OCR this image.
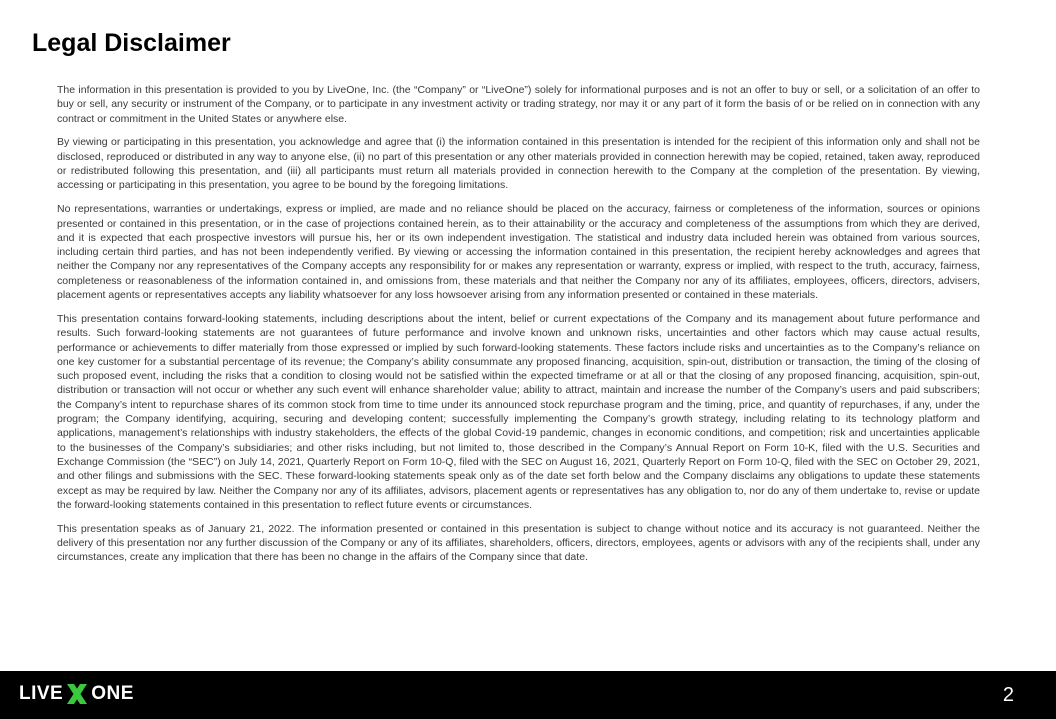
Legal Disclaimer

The information in this presentation is provided to you by LiveOne, Inc. (the “Company” or “LiveOne”) solely for informational purposes and is not an offer to buy or sell, or a solicitation of an offer to buy or sell, any security or instrument of the Company, or to participate in any investment activity or trading strategy, nor may it or any part of it form the basis of or be relied on in connection with any contract or commitment in the United States or anywhere else.

By viewing or participating in this presentation, you acknowledge and agree that (i) the information contained in this presentation is intended for the recipient of this information only and shall not be disclosed, reproduced or distributed in any way to anyone else, (ii) no part of this presentation or any other materials provided in connection herewith may be copied, retained, taken away, reproduced or redistributed following this presentation, and (iii) all participants must return all materials provided in connection herewith to the Company at the completion of the presentation. By viewing, accessing or participating in this presentation, you agree to be bound by the foregoing limitations.

No representations, warranties or undertakings, express or implied, are made and no reliance should be placed on the accuracy, fairness or completeness of the information, sources or opinions presented or contained in this presentation, or in the case of projections contained herein, as to their attainability or the accuracy and completeness of the assumptions from which they are derived, and it is expected that each prospective investors will pursue his, her or its own independent investigation. The statistical and industry data included herein was obtained from various sources, including certain third parties, and has not been independently verified. By viewing or accessing the information contained in this presentation, the recipient hereby acknowledges and agrees that neither the Company nor any representatives of the Company accepts any responsibility for or makes any representation or warranty, express or implied, with respect to the truth, accuracy, fairness, completeness or reasonableness of the information contained in, and omissions from, these materials and that neither the Company nor any of its affiliates, employees, officers, directors, advisers, placement agents or representatives accepts any liability whatsoever for any loss howsoever arising from any information presented or contained in these materials.

This presentation contains forward-looking statements, including descriptions about the intent, belief or current expectations of the Company and its management about future performance and results. Such forward-looking statements are not guarantees of future performance and involve known and unknown risks, uncertainties and other factors which may cause actual results, performance or achievements to differ materially from those expressed or implied by such forward-looking statements. These factors include risks and uncertainties as to the Company’s reliance on one key customer for a substantial percentage of its revenue; the Company’s ability consummate any proposed financing, acquisition, spin-out, distribution or transaction, the timing of the closing of such proposed event, including the risks that a condition to closing would not be satisfied within the expected timeframe or at all or that the closing of any proposed financing, acquisition, spin-out, distribution or transaction will not occur or whether any such event will enhance shareholder value; ability to attract, maintain and increase the number of the Company’s users and paid subscribers; the Company’s intent to repurchase shares of its common stock from time to time under its announced stock repurchase program and the timing, price, and quantity of repurchases, if any, under the program; the Company identifying, acquiring, securing and developing content; successfully implementing the Company’s growth strategy, including relating to its technology platform and applications, management’s relationships with industry stakeholders, the effects of the global Covid-19 pandemic, changes in economic conditions, and competition; risk and uncertainties applicable to the businesses of the Company’s subsidiaries; and other risks including, but not limited to, those described in the Company’s Annual Report on Form 10-K, filed with the U.S. Securities and Exchange Commission (the “SEC”) on July 14, 2021, Quarterly Report on Form 10-Q, filed with the SEC on August 16, 2021, Quarterly Report on Form 10-Q, filed with the SEC on October 29, 2021, and other filings and submissions with the SEC. These forward-looking statements speak only as of the date set forth below and the Company disclaims any obligations to update these statements except as may be required by law. Neither the Company nor any of its affiliates, advisors, placement agents or representatives has any obligation to, nor do any of them undertake to, revise or update the forward-looking statements contained in this presentation to reflect future events or circumstances.

This presentation speaks as of January 21, 2022. The information presented or contained in this presentation is subject to change without notice and its accuracy is not guaranteed. Neither the delivery of this presentation nor any further discussion of the Company or any of its affiliates, shareholders, officers, directors, employees, agents or advisors with any of the recipients shall, under any circumstances, create any implication that there has been no change in the affairs of the Company since that date.

LIVE ONE	2
